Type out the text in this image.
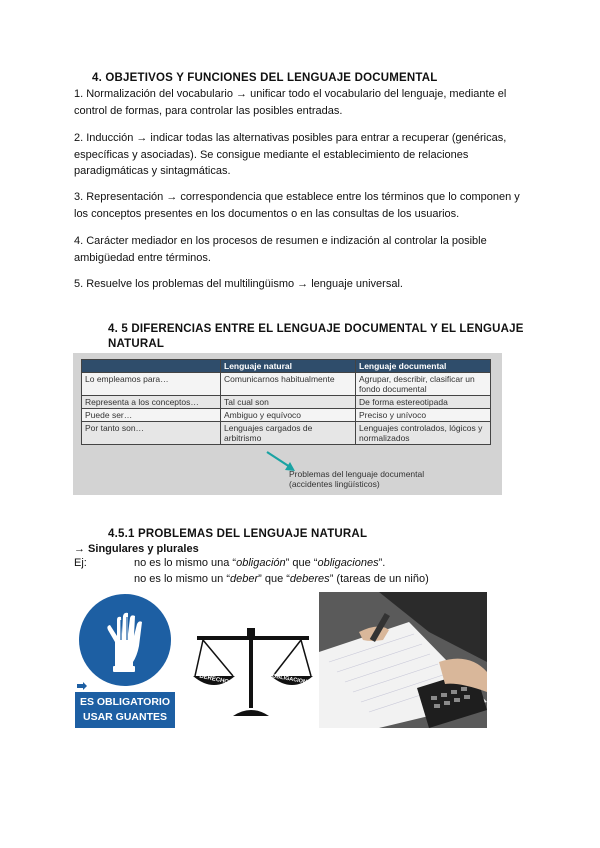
4. OBJETIVOS Y FUNCIONES DEL LENGUAJE DOCUMENTAL
1. Normalización del vocabulario → unificar todo el vocabulario del lenguaje, mediante el control de formas, para controlar las posibles entradas.
2. Inducción → indicar todas las alternativas posibles para entrar a recuperar (genéricas, específicas y asociadas). Se consigue mediante el establecimiento de relaciones paradigmáticas y sintagmáticas.
3. Representación → correspondencia que establece entre los términos que lo componen y los conceptos presentes en los documentos o en las consultas de los usuarios.
4. Carácter mediador en los procesos de resumen e indización al controlar la posible ambigüedad entre términos.
5. Resuelve los problemas del multilingüismo → lenguaje universal.
4. 5 DIFERENCIAS ENTRE EL LENGUAJE DOCUMENTAL Y EL LENGUAJE
NATURAL
	Lenguaje natural	Lenguaje documental
Lo empleamos para…	Comunicarnos habitualmente	Agrupar, describir, clasificar un fondo documental
Representa a los conceptos…	Tal cual son	De forma estereotipada
Puede ser…	Ambiguo y equívoco	Preciso y unívoco
Por tanto son…	Lenguajes cargados de arbitrismo	Lenguajes controlados, lógicos y normalizados
Problemas del lenguaje documental
(accidentes lingüísticos)
4.5.1 PROBLEMAS DEL LENGUAJE NATURAL
→ Singulares y plurales
Ej:	no es lo mismo una “obligación” que “obligaciones”.
no es lo mismo un “deber” que “deberes” (tareas de un niño)
ES OBLIGATORIO
USAR GUANTES
DERECHOS	OBLIGACIONES
